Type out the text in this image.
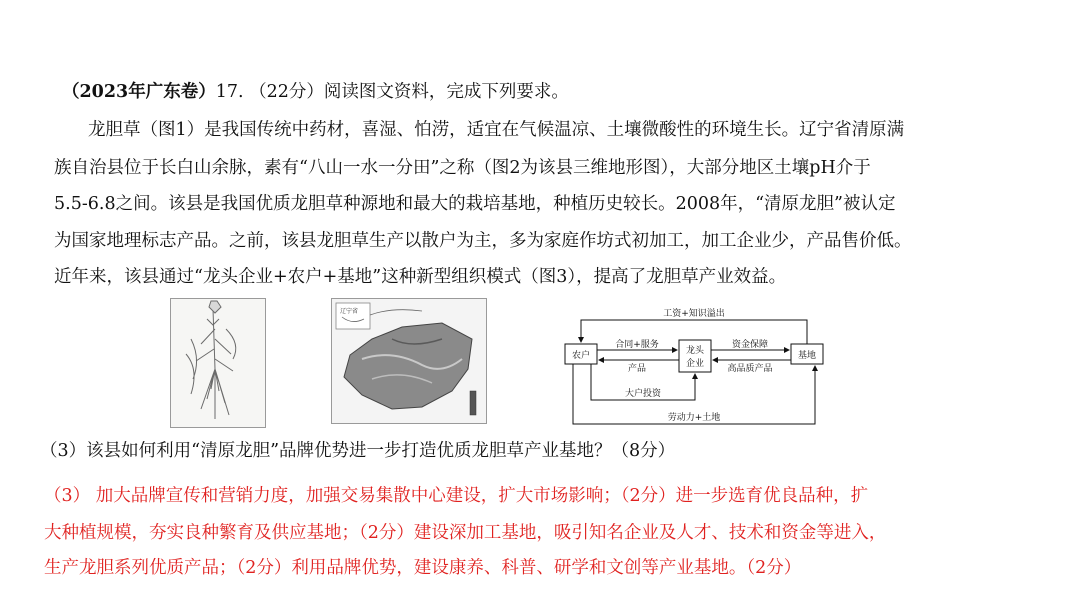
（2023年广东卷）17. （22分）阅读图文资料，完成下列要求。
龙胆草（图1）是我国传统中药材，喜湿、怕涝，适宜在气候温凉、土壤微酸性的环境生长。辽宁省清原满
族自治县位于长白山余脉，素有“八山一水一分田”之称（图2为该县三维地形图），大部分地区土壤pH介于
5.5-6.8之间。该县是我国优质龙胆草种源地和最大的栽培基地，种植历史较长。2008年，“清原龙胆”被认定
为国家地理标志产品。之前，该县龙胆草生产以散户为主，多为家庭作坊式初加工，加工企业少，产品售价低。
近年来，该县通过“龙头企业+农户+基地”这种新型组织模式（图3），提高了龙胆草产业效益。
辽宁省
农户	龙头
企业
基地
工资+知识溢出
合同+服务
产品
资金保障
高品质产品
大户投资
劳动力+土地
（3）该县如何利用“清原龙胆”品牌优势进一步打造优质龙胆草产业基地？（8分）
（3） 加大品牌宣传和营销力度，加强交易集散中心建设，扩大市场影响；（2分）进一步选育优良品种，扩
大种植规模，夯实良种繁育及供应基地；（2分）建设深加工基地，吸引知名企业及人才、技术和资金等进入，
生产龙胆系列优质产品；（2分）利用品牌优势，建设康养、科普、研学和文创等产业基地。（2分）
